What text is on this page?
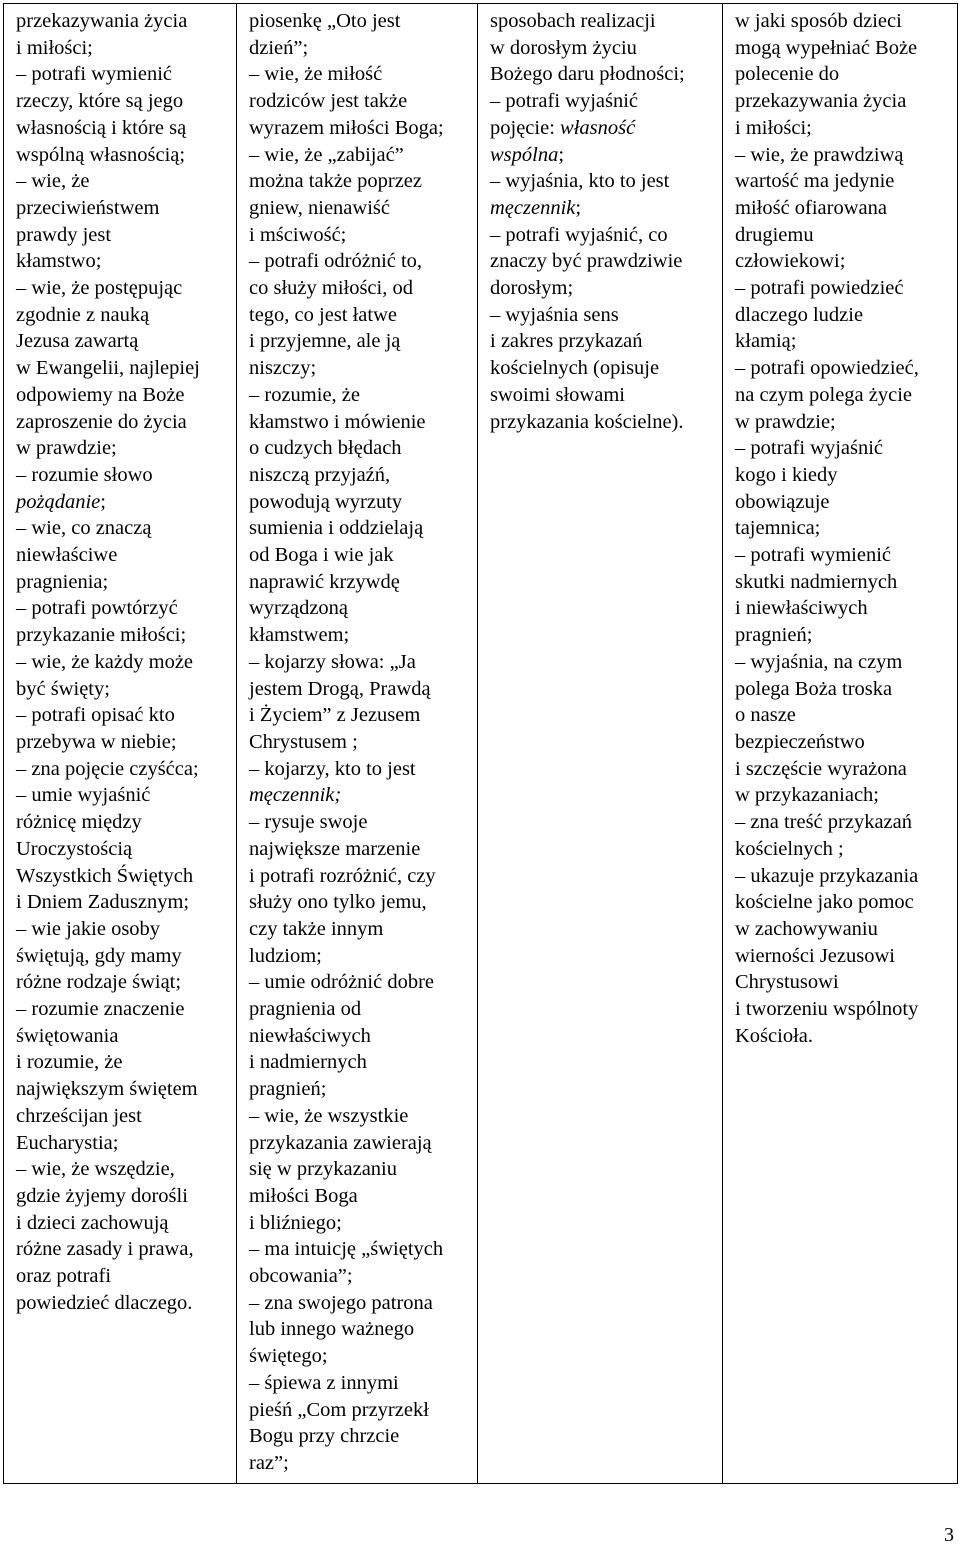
przekazywania życia
i miłości;
– potrafi wymienić
rzeczy, które są jego
własnością i które są
wspólną własnością;
– wie, że
przeciwieństwem
prawdy jest
kłamstwo;
– wie, że postępując
zgodnie z nauką
Jezusa zawartą
w Ewangelii, najlepiej
odpowiemy na Boże
zaproszenie do życia
w prawdzie;
– rozumie słowo
pożądanie;
– wie, co znaczą
niewłaściwe
pragnienia;
– potrafi powtórzyć
przykazanie miłości;
– wie, że każdy może
być święty;
– potrafi opisać kto
przebywa w niebie;
– zna pojęcie czyśćca;
– umie wyjaśnić
różnicę między
Uroczystością
Wszystkich Świętych
i Dniem Zadusznym;
– wie jakie osoby
świętują, gdy mamy
różne rodzaje świąt;
– rozumie znaczenie
świętowania
i rozumie, że
największym świętem
chrześcijan jest
Eucharystia;
– wie, że wszędzie,
gdzie żyjemy dorośli
i dzieci zachowują
różne zasady i prawa,
oraz potrafi
powiedzieć dlaczego.

piosenkę „Oto jest
dzień”;
– wie, że miłość
rodziców jest także
wyrazem miłości Boga;
– wie, że „zabijać”
można także poprzez
gniew, nienawiść
i mściwość;
– potrafi odróżnić to,
co służy miłości, od
tego, co jest łatwe
i przyjemne, ale ją
niszczy;
– rozumie, że
kłamstwo i mówienie
o cudzych błędach
niszczą przyjaźń,
powodują wyrzuty
sumienia i oddzielają
od Boga i wie jak
naprawić krzywdę
wyrządzoną
kłamstwem;
– kojarzy słowa: „Ja
jestem Drogą, Prawdą
i Życiem” z Jezusem
Chrystusem ;
– kojarzy, kto to jest
męczennik;
– rysuje swoje
największe marzenie
i potrafi rozróżnić, czy
służy ono tylko jemu,
czy także innym
ludziom;
– umie odróżnić dobre
pragnienia od
niewłaściwych
i nadmiernych
pragnień;
– wie, że wszystkie
przykazania zawierają
się w przykazaniu
miłości Boga
i bliźniego;
– ma intuicję „świętych
obcowania”;
– zna swojego patrona
lub innego ważnego
świętego;
– śpiewa z innymi
pieśń „Com przyrzekł
Bogu przy chrzcie
raz”;

sposobach realizacji
w dorosłym życiu
Bożego daru płodności;
– potrafi wyjaśnić
pojęcie: własność
wspólna;
– wyjaśnia, kto to jest
męczennik;
– potrafi wyjaśnić, co
znaczy być prawdziwie
dorosłym;
– wyjaśnia sens
i zakres przykazań
kościelnych (opisuje
swoimi słowami
przykazania kościelne).

w jaki sposób dzieci
mogą wypełniać Boże
polecenie do
przekazywania życia
i miłości;
– wie, że prawdziwą
wartość ma jedynie
miłość ofiarowana
drugiemu
człowiekowi;
– potrafi powiedzieć
dlaczego ludzie
kłamią;
– potrafi opowiedzieć,
na czym polega życie
w prawdzie;
– potrafi wyjaśnić
kogo i kiedy
obowiązuje
tajemnica;
– potrafi wymienić
skutki nadmiernych
i niewłaściwych
pragnień;
– wyjaśnia, na czym
polega Boża troska
o nasze
bezpieczeństwo
i szczęście wyrażona
w przykazaniach;
– zna treść przykazań
kościelnych ;
– ukazuje przykazania
kościelne jako pomoc
w zachowywaniu
wierności Jezusowi
Chrystusowi
i tworzeniu wspólnoty
Kościoła.
3
